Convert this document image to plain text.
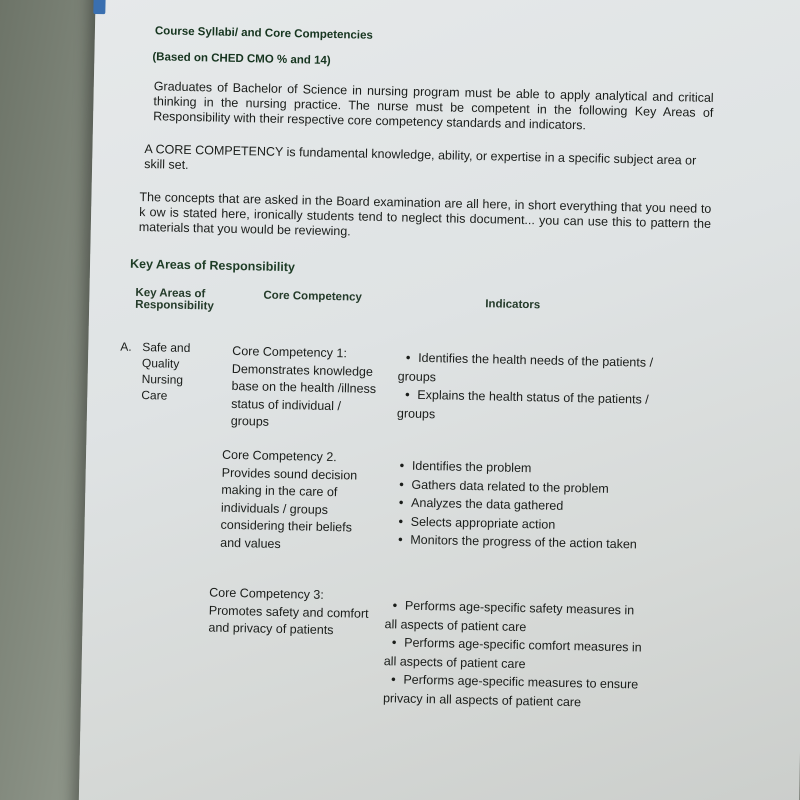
Course Syllabi/ and Core Competencies
(Based on CHED CMO % and 14)

Graduates of Bachelor of Science in nursing program must be able to apply analytical and critical thinking in the nursing practice. The nurse must be competent in the following Key Areas of Responsibility with their respective core competency standards and indicators.

A CORE COMPETENCY is fundamental knowledge, ability, or expertise in a specific subject area or skill set.

The concepts that are asked in the Board examination are all here, in short everything that you need to k ow is stated here, ironically students tend to neglect this document... you can use this to pattern the materials that you would be reviewing.

Key Areas of Responsibility
Key Areas of Responsibility
Core Competency
Indicators
A. Safe and Quality Nursing Care
Core Competency 1: Demonstrates knowledge base on the health /illness status of individual / groups
Core Competency 2. Provides sound decision making in the care of individuals / groups considering their beliefs and values
Core Competency 3: Promotes safety and comfort and privacy of patients
• Identifies the health needs of the patients / groups
• Explains the health status of the patients / groups
• Identifies the problem
• Gathers data related to the problem
• Analyzes the data gathered
• Selects appropriate action
• Monitors the progress of the action taken
• Performs age-specific safety measures in all aspects of patient care
• Performs age-specific comfort measures in all aspects of patient care
• Performs age-specific measures to ensure privacy in all aspects of patient care
